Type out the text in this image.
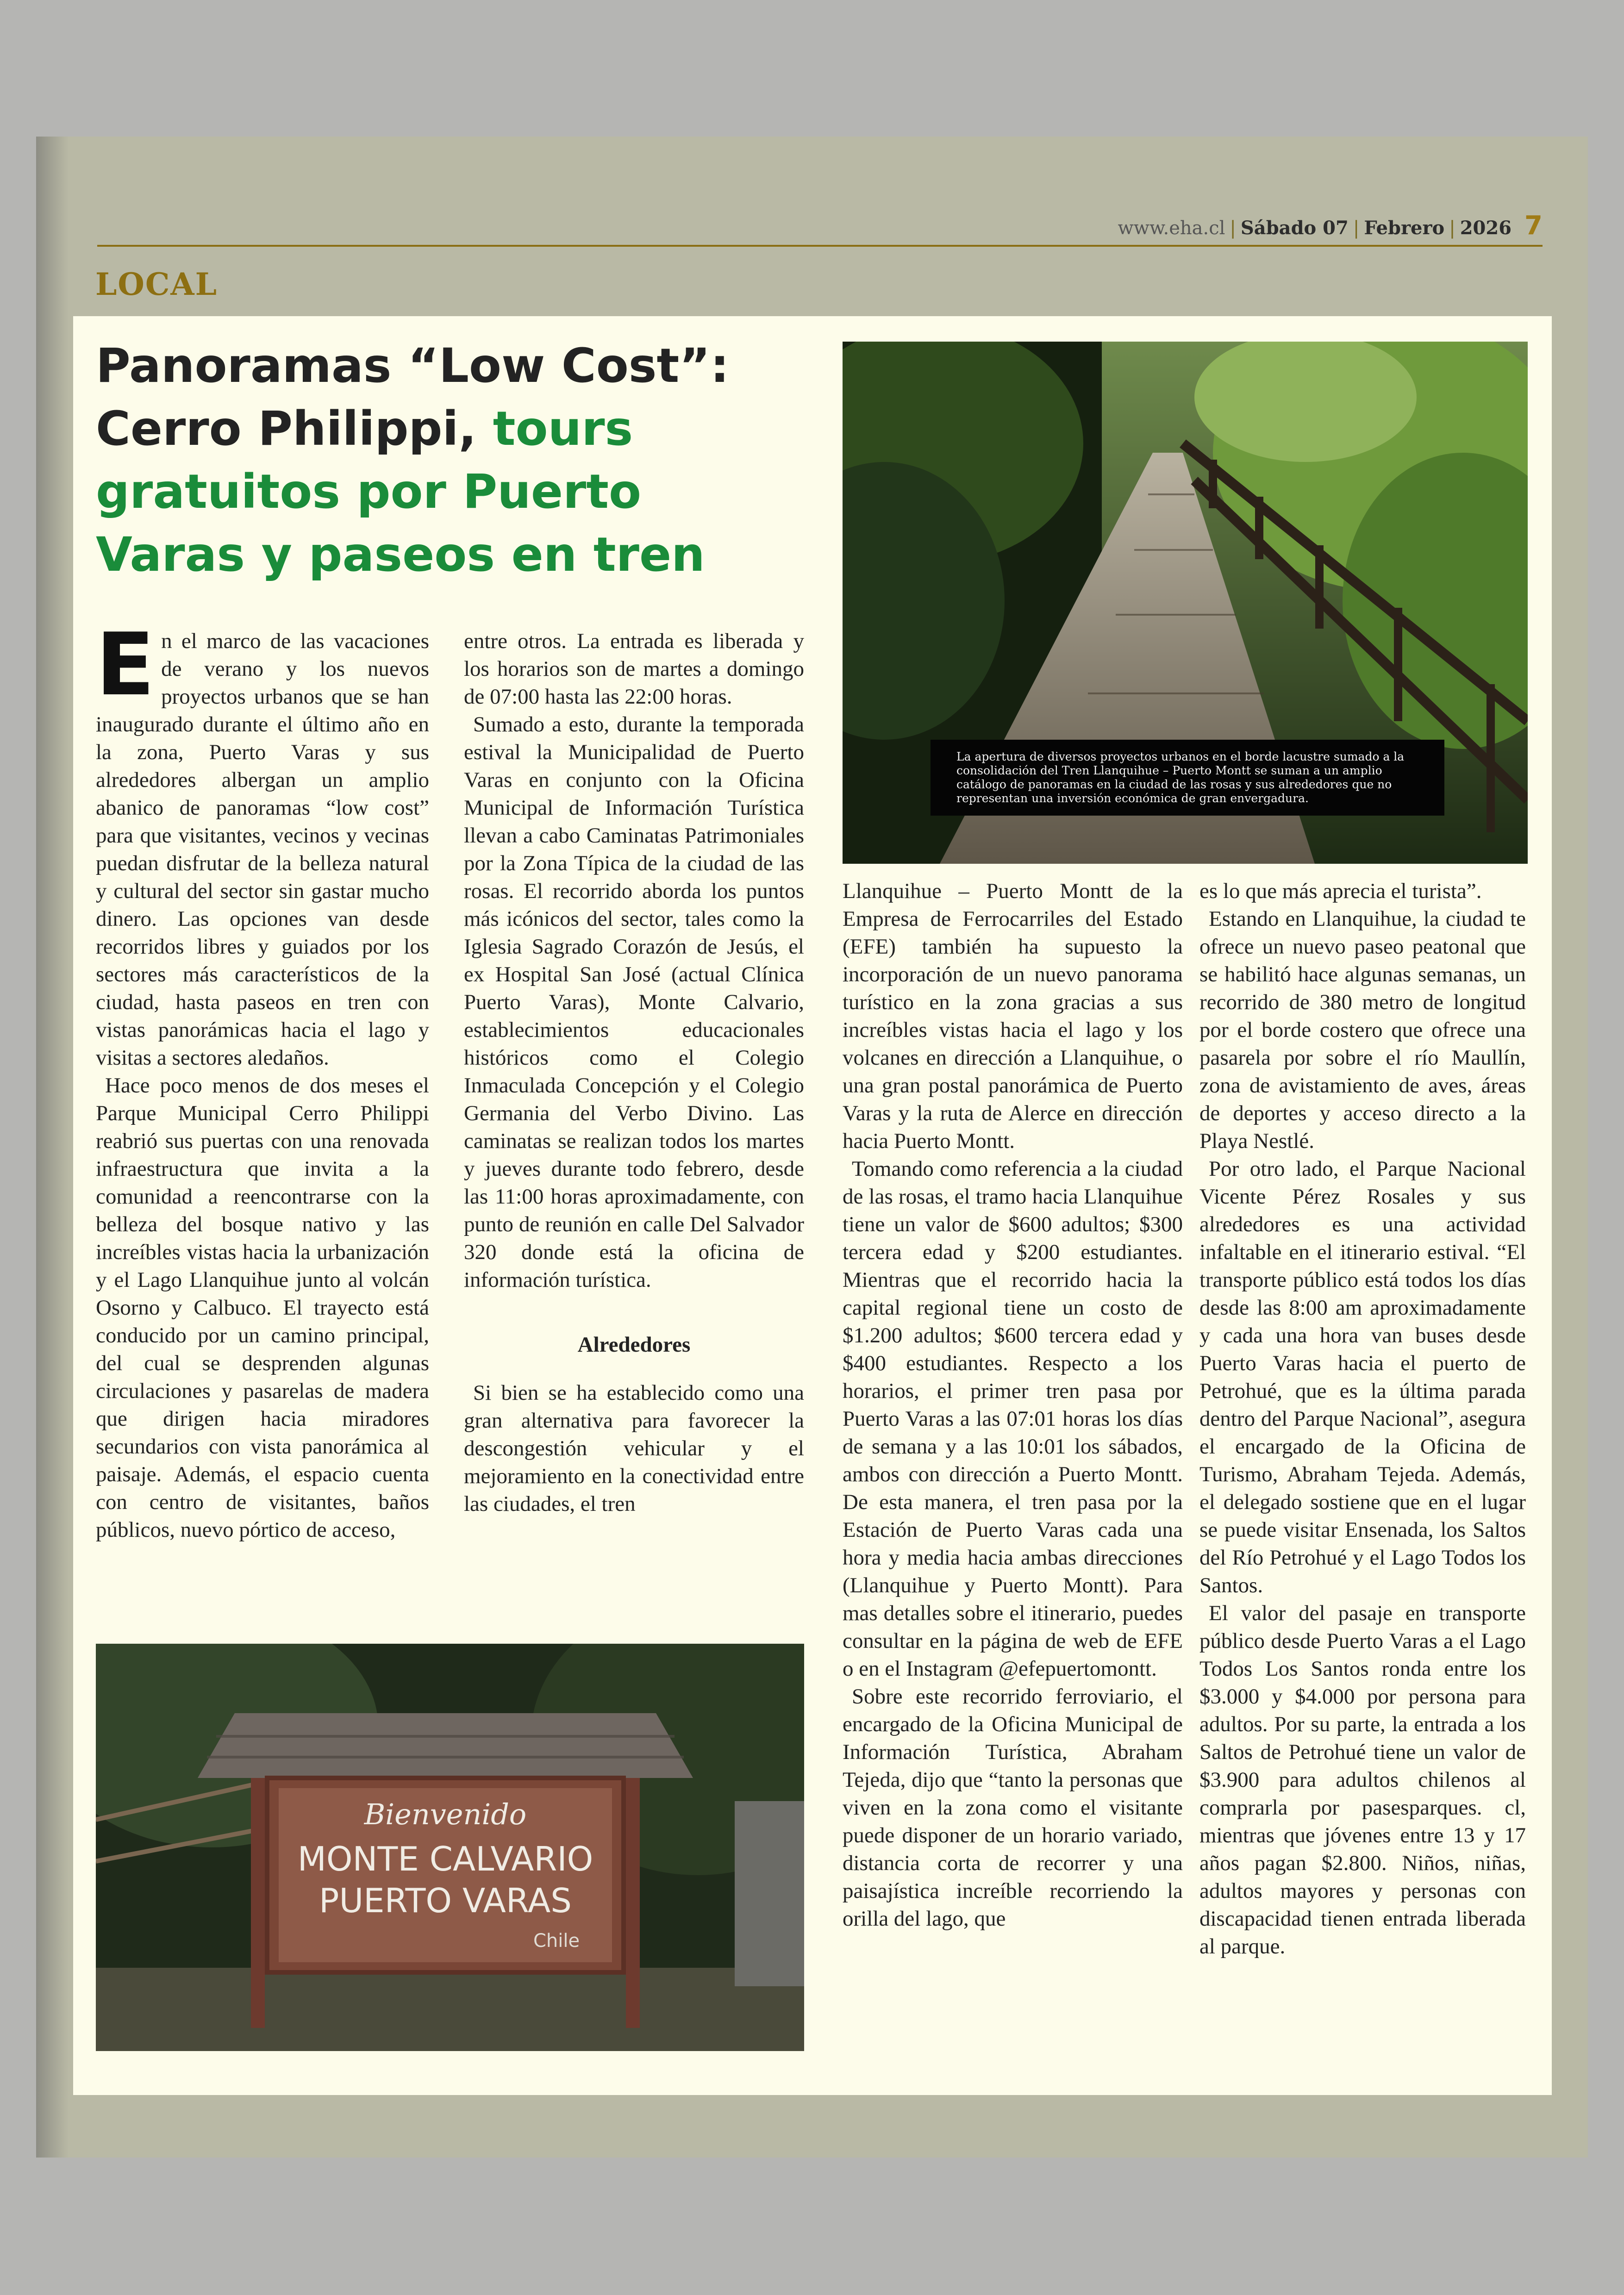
www.eha.cl | Sábado 07 | Febrero | 2026 7
LOCAL
Panoramas “Low Cost”: Cerro Philippi, tours gratuitos por Puerto Varas y paseos en tren
La apertura de diversos proyectos urbanos en el borde lacustre sumado a la consolidación del Tren Llanquihue – Puerto Montt se suman a un amplio catálogo de panoramas en la ciudad de las rosas y sus alrededores que no representan una inversión económica de gran envergadura.
Bienvenido
MONTE CALVARIO
PUERTO VARAS
Chile

En el marco de las vacaciones de verano y los nuevos proyectos urbanos que se han inaugurado durante el último año en la zona, Puerto Varas y sus alrededores albergan un amplio abanico de panoramas “low cost” para que visitantes, vecinos y vecinas puedan disfrutar de la belleza natural y cultural del sector sin gastar mucho dinero. Las opciones van desde recorridos libres y guiados por los sectores más característicos de la ciudad, hasta paseos en tren con vistas panorámicas hacia el lago y visitas a sectores aledaños.

Hace poco menos de dos meses el Parque Municipal Cerro Philippi reabrió sus puertas con una renovada infraestructura que invita a la comunidad a reencontrarse con la belleza del bosque nativo y las increíbles vistas hacia la urbanización y el Lago Llanquihue junto al volcán Osorno y Calbuco. El trayecto está conducido por un camino principal, del cual se desprenden algunas circulaciones y pasarelas de madera que dirigen hacia miradores secundarios con vista panorámica al paisaje. Además, el espacio cuenta con centro de visitantes, baños públicos, nuevo pórtico de acceso,

entre otros. La entrada es liberada y los horarios son de martes a domingo de 07:00 hasta las 22:00 horas.

Sumado a esto, durante la temporada estival la Municipalidad de Puerto Varas en conjunto con la Oficina Municipal de Información Turística llevan a cabo Caminatas Patrimoniales por la Zona Típica de la ciudad de las rosas. El recorrido aborda los puntos más icónicos del sector, tales como la Iglesia Sagrado Corazón de Jesús, el ex Hospital San José (actual Clínica Puerto Varas), Monte Calvario, establecimientos educacionales históricos como el Colegio Inmaculada Concepción y el Colegio Germania del Verbo Divino. Las caminatas se realizan todos los martes y jueves durante todo febrero, desde las 11:00 horas aproximadamente, con punto de reunión en calle Del Salvador 320 donde está la oficina de información turística.

Alrededores

Si bien se ha establecido como una gran alternativa para favorecer la descongestión vehicular y el mejoramiento en la conectividad entre las ciudades, el tren

Llanquihue – Puerto Montt de la Empresa de Ferrocarriles del Estado (EFE) también ha supuesto la incorporación de un nuevo panorama turístico en la zona gracias a sus increíbles vistas hacia el lago y los volcanes en dirección a Llanquihue, o una gran postal panorámica de Puerto Varas y la ruta de Alerce en dirección hacia Puerto Montt.

Tomando como referencia a la ciudad de las rosas, el tramo hacia Llanquihue tiene un valor de $600 adultos; $300 tercera edad y $200 estudiantes. Mientras que el recorrido hacia la capital regional tiene un costo de $1.200 adultos; $600 tercera edad y $400 estudiantes. Respecto a los horarios, el primer tren pasa por Puerto Varas a las 07:01 horas los días de semana y a las 10:01 los sábados, ambos con dirección a Puerto Montt. De esta manera, el tren pasa por la Estación de Puerto Varas cada una hora y media hacia ambas direcciones (Llanquihue y Puerto Montt). Para mas detalles sobre el itinerario, puedes consultar en la página de web de EFE o en el Instagram @efepuertomontt.

Sobre este recorrido ferroviario, el encargado de la Oficina Municipal de Información Turística, Abraham Tejeda, dijo que “tanto la personas que viven en la zona como el visitante puede disponer de un horario variado, distancia corta de recorrer y una paisajística increíble recorriendo la orilla del lago, que

es lo que más aprecia el turista”.

Estando en Llanquihue, la ciudad te ofrece un nuevo paseo peatonal que se habilitó hace algunas semanas, un recorrido de 380 metro de longitud por el borde costero que ofrece una pasarela por sobre el río Maullín, zona de avistamiento de aves, áreas de deportes y acceso directo a la Playa Nestlé.

Por otro lado, el Parque Nacional Vicente Pérez Rosales y sus alrededores es una actividad infaltable en el itinerario estival. “El transporte público está todos los días desde las 8:00 am aproximadamente y cada una hora van buses desde Puerto Varas hacia el puerto de Petrohué, que es la última parada dentro del Parque Nacional”, asegura el encargado de la Oficina de Turismo, Abraham Tejeda. Además, el delegado sostiene que en el lugar se puede visitar Ensenada, los Saltos del Río Petrohué y el Lago Todos los Santos.

El valor del pasaje en transporte público desde Puerto Varas a el Lago Todos Los Santos ronda entre los $3.000 y $4.000 por persona para adultos. Por su parte, la entrada a los Saltos de Petrohué tiene un valor de $3.900 para adultos chilenos al comprarla por pasesparques. cl, mientras que jóvenes entre 13 y 17 años pagan $2.800. Niños, niñas, adultos mayores y personas con discapacidad tienen entrada liberada al parque.
